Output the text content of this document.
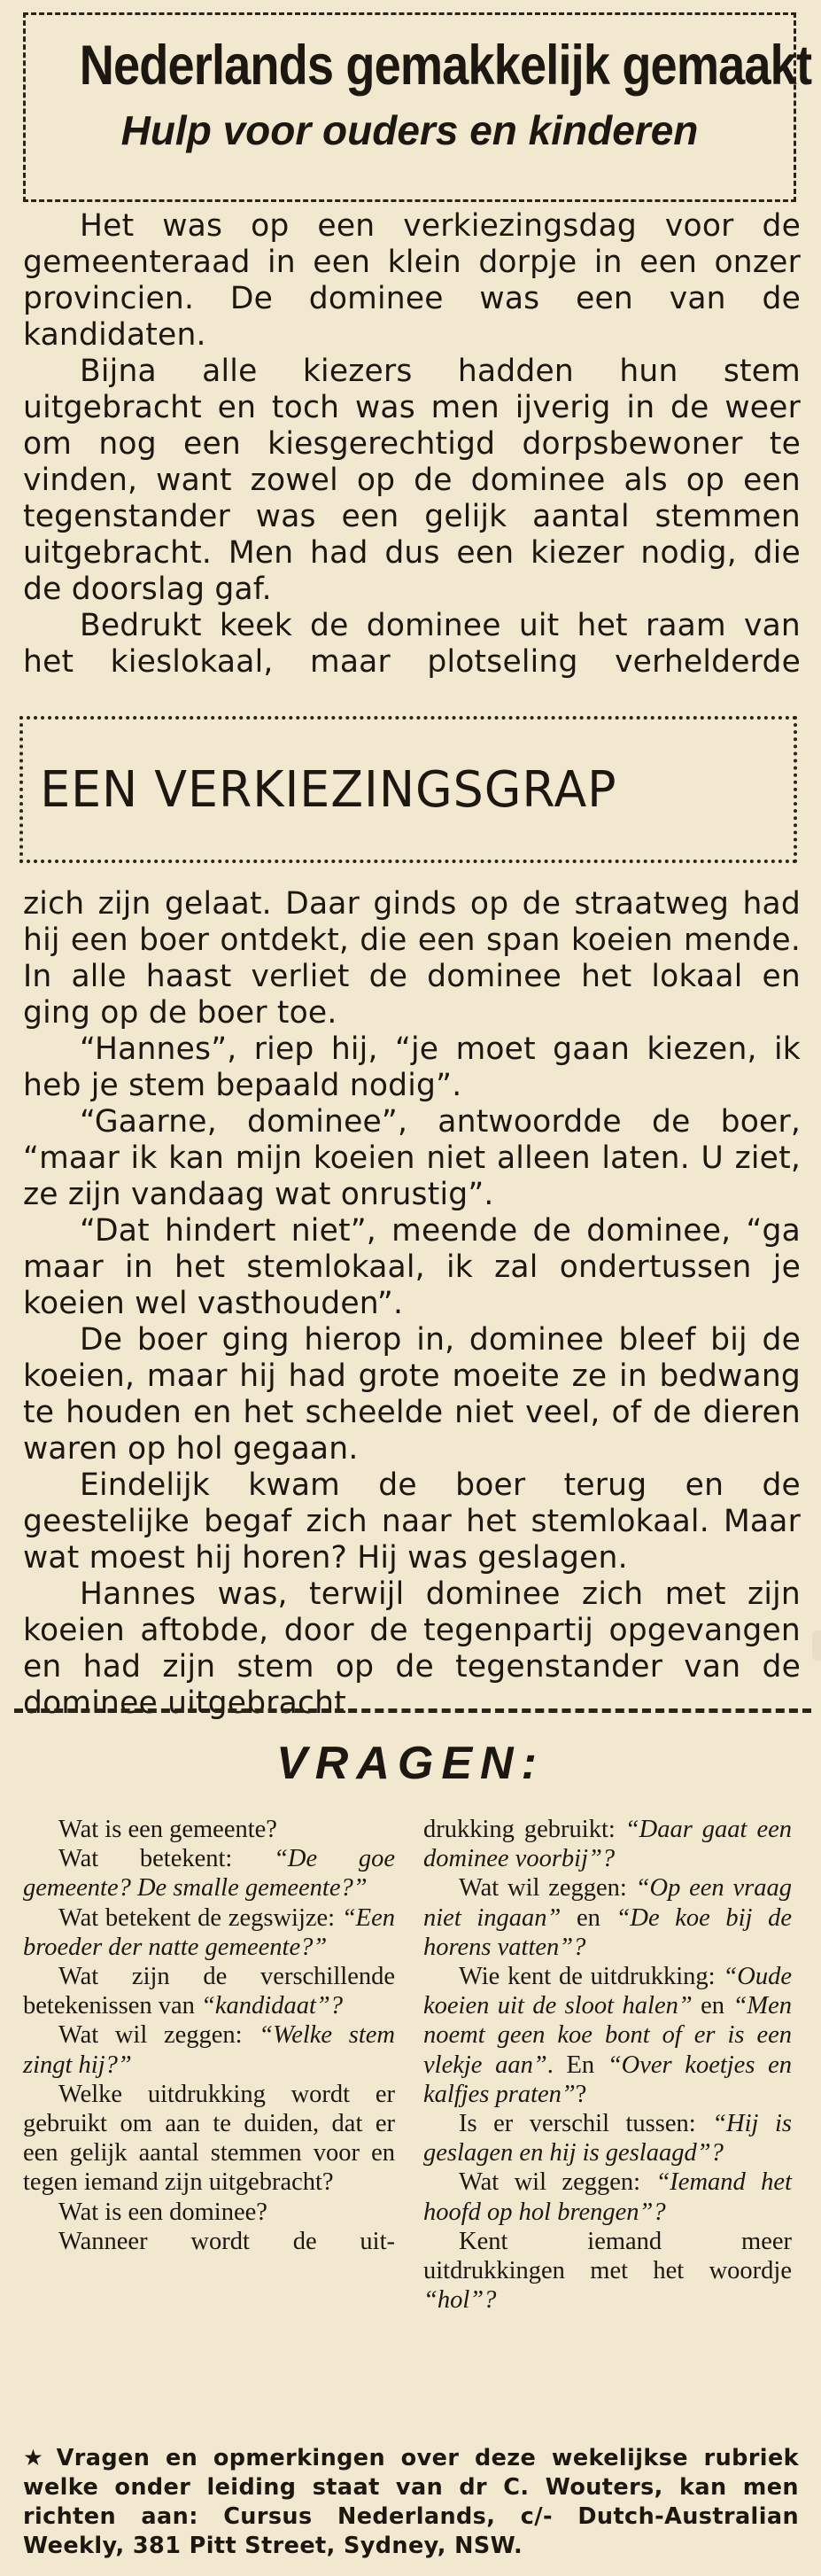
Nederlands gemakkelijk gemaakt
Hulp voor ouders en kinderen

Het was op een verkiezingsdag voor de gemeenteraad in een klein dorpje in een onzer provincien. De dominee was een van de kandidaten.

Bijna alle kiezers hadden hun stem uitgebracht en toch was men ijverig in de weer om nog een kiesgerechtigd dorpsbewoner te vinden, want zowel op de dominee als op een tegenstander was een gelijk aantal stemmen uitgebracht. Men had dus een kiezer nodig, die de doorslag gaf.

Bedrukt keek de dominee uit het raam van het kieslokaal, maar plotseling verhelderde

EEN VERKIEZINGSGRAP

zich zijn gelaat. Daar ginds op de straatweg had hij een boer ontdekt, die een span koeien mende. In alle haast verliet de dominee het lokaal en ging op de boer toe.

“Hannes”, riep hij, “je moet gaan kiezen, ik heb je stem bepaald nodig”.

“Gaarne, dominee”, antwoordde de boer, “maar ik kan mijn koeien niet alleen laten. U ziet, ze zijn vandaag wat onrustig”.

“Dat hindert niet”, meende de dominee, “ga maar in het stemlokaal, ik zal ondertussen je koeien wel vasthouden”.

De boer ging hierop in, dominee bleef bij de koeien, maar hij had grote moeite ze in bedwang te houden en het scheelde niet veel, of de dieren waren op hol gegaan.

Eindelijk kwam de boer terug en de geestelijke begaf zich naar het stemlokaal. Maar wat moest hij horen? Hij was geslagen.

Hannes was, terwijl dominee zich met zijn koeien aftobde, door de tegenpartij opgevangen en had zijn stem op de tegenstander van de dominee uitgebracht.

VRAGEN:

Wat is een gemeente?

Wat betekent: “De goe gemeente? De smalle gemeente?”

Wat betekent de zegswijze: “Een broeder der natte gemeente?”

Wat zijn de verschillende betekenissen van “kandidaat”?

Wat wil zeggen: “Welke stem zingt hij?”

Welke uitdrukking wordt er gebruikt om aan te duiden, dat er een gelijk aantal stemmen voor en tegen iemand zijn uitgebracht?

Wat is een dominee?

Wanneer wordt de uit-

drukking gebruikt: “Daar gaat een dominee voorbij”?

Wat wil zeggen: “Op een vraag niet ingaan” en “De koe bij de horens vatten”?

Wie kent de uitdrukking: “Oude koeien uit de sloot halen” en “Men noemt geen koe bont of er is een vlekje aan”. En “Over koetjes en kalfjes praten”?

Is er verschil tussen: “Hij is geslagen en hij is geslaagd”?

Wat wil zeggen: “Iemand het hoofd op hol brengen”?

Kent iemand meer uitdrukkingen met het woordje “hol”?

★ Vragen en opmerkingen over deze wekelijkse rubriek welke onder leiding staat van dr C. Wouters, kan men richten aan: Cursus Nederlands, c/- Dutch-Australian Weekly, 381 Pitt Street, Sydney, NSW.
